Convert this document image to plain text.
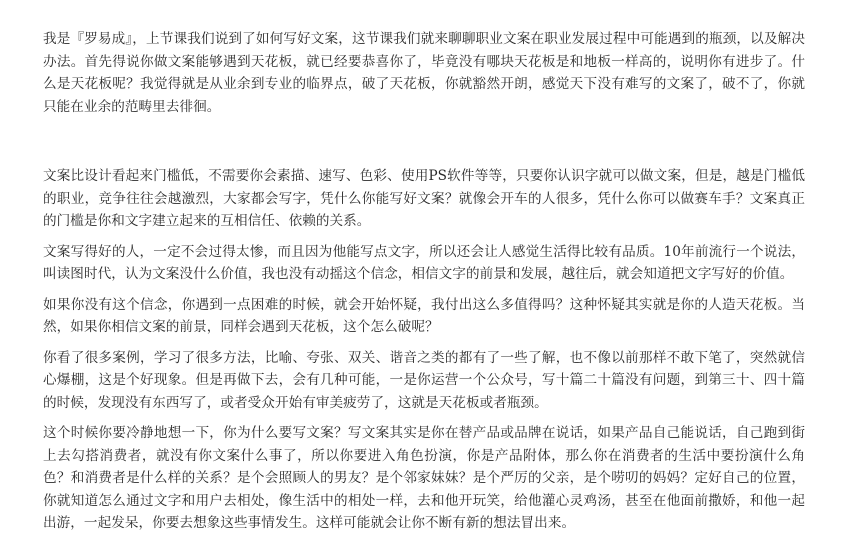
我是『罗易成』，上节课我们说到了如何写好文案，这节课我们就来聊聊职业文案在职业发展过程中可能遇到的瓶颈，以及解决办法。首先得说你做文案能够遇到天花板，就已经要恭喜你了，毕竟没有哪块天花板是和地板一样高的，说明你有进步了。什么是天花板呢？我觉得就是从业余到专业的临界点，破了天花板，你就豁然开朗，感觉天下没有难写的文案了，破不了，你就只能在业余的范畴里去徘徊。

文案比设计看起来门槛低，不需要你会素描、速写、色彩、使用PS软件等等，只要你认识字就可以做文案，但是，越是门槛低的职业，竞争往往会越激烈，大家都会写字，凭什么你能写好文案？就像会开车的人很多，凭什么你可以做赛车手？文案真正的门槛是你和文字建立起来的互相信任、依赖的关系。

文案写得好的人，一定不会过得太惨，而且因为他能写点文字，所以还会让人感觉生活得比较有品质。10年前流行一个说法，叫读图时代，认为文案没什么价值，我也没有动摇这个信念，相信文字的前景和发展，越往后，就会知道把文字写好的价值。

如果你没有这个信念，你遇到一点困难的时候，就会开始怀疑，我付出这么多值得吗？这种怀疑其实就是你的人造天花板。当然，如果你相信文案的前景，同样会遇到天花板，这个怎么破呢？

你看了很多案例，学习了很多方法，比喻、夸张、双关、谐音之类的都有了一些了解，也不像以前那样不敢下笔了，突然就信心爆棚，这是个好现象。但是再做下去，会有几种可能，一是你运营一个公众号，写十篇二十篇没有问题，到第三十、四十篇的时候，发现没有东西写了，或者受众开始有审美疲劳了，这就是天花板或者瓶颈。

这个时候你要冷静地想一下，你为什么要写文案？写文案其实是你在替产品或品牌在说话，如果产品自己能说话，自己跑到街上去勾搭消费者，就没有你文案什么事了，所以你要进入角色扮演，你是产品附体，那么你在消费者的生活中要扮演什么角色？和消费者是什么样的关系？是个会照顾人的男友？是个邻家妹妹？是个严厉的父亲，是个唠叨的妈妈？定好自己的位置，你就知道怎么通过文字和用户去相处，像生活中的相处一样，去和他开玩笑，给他灌心灵鸡汤，甚至在他面前撒娇，和他一起出游，一起发呆，你要去想象这些事情发生。这样可能就会让你不断有新的想法冒出来。
